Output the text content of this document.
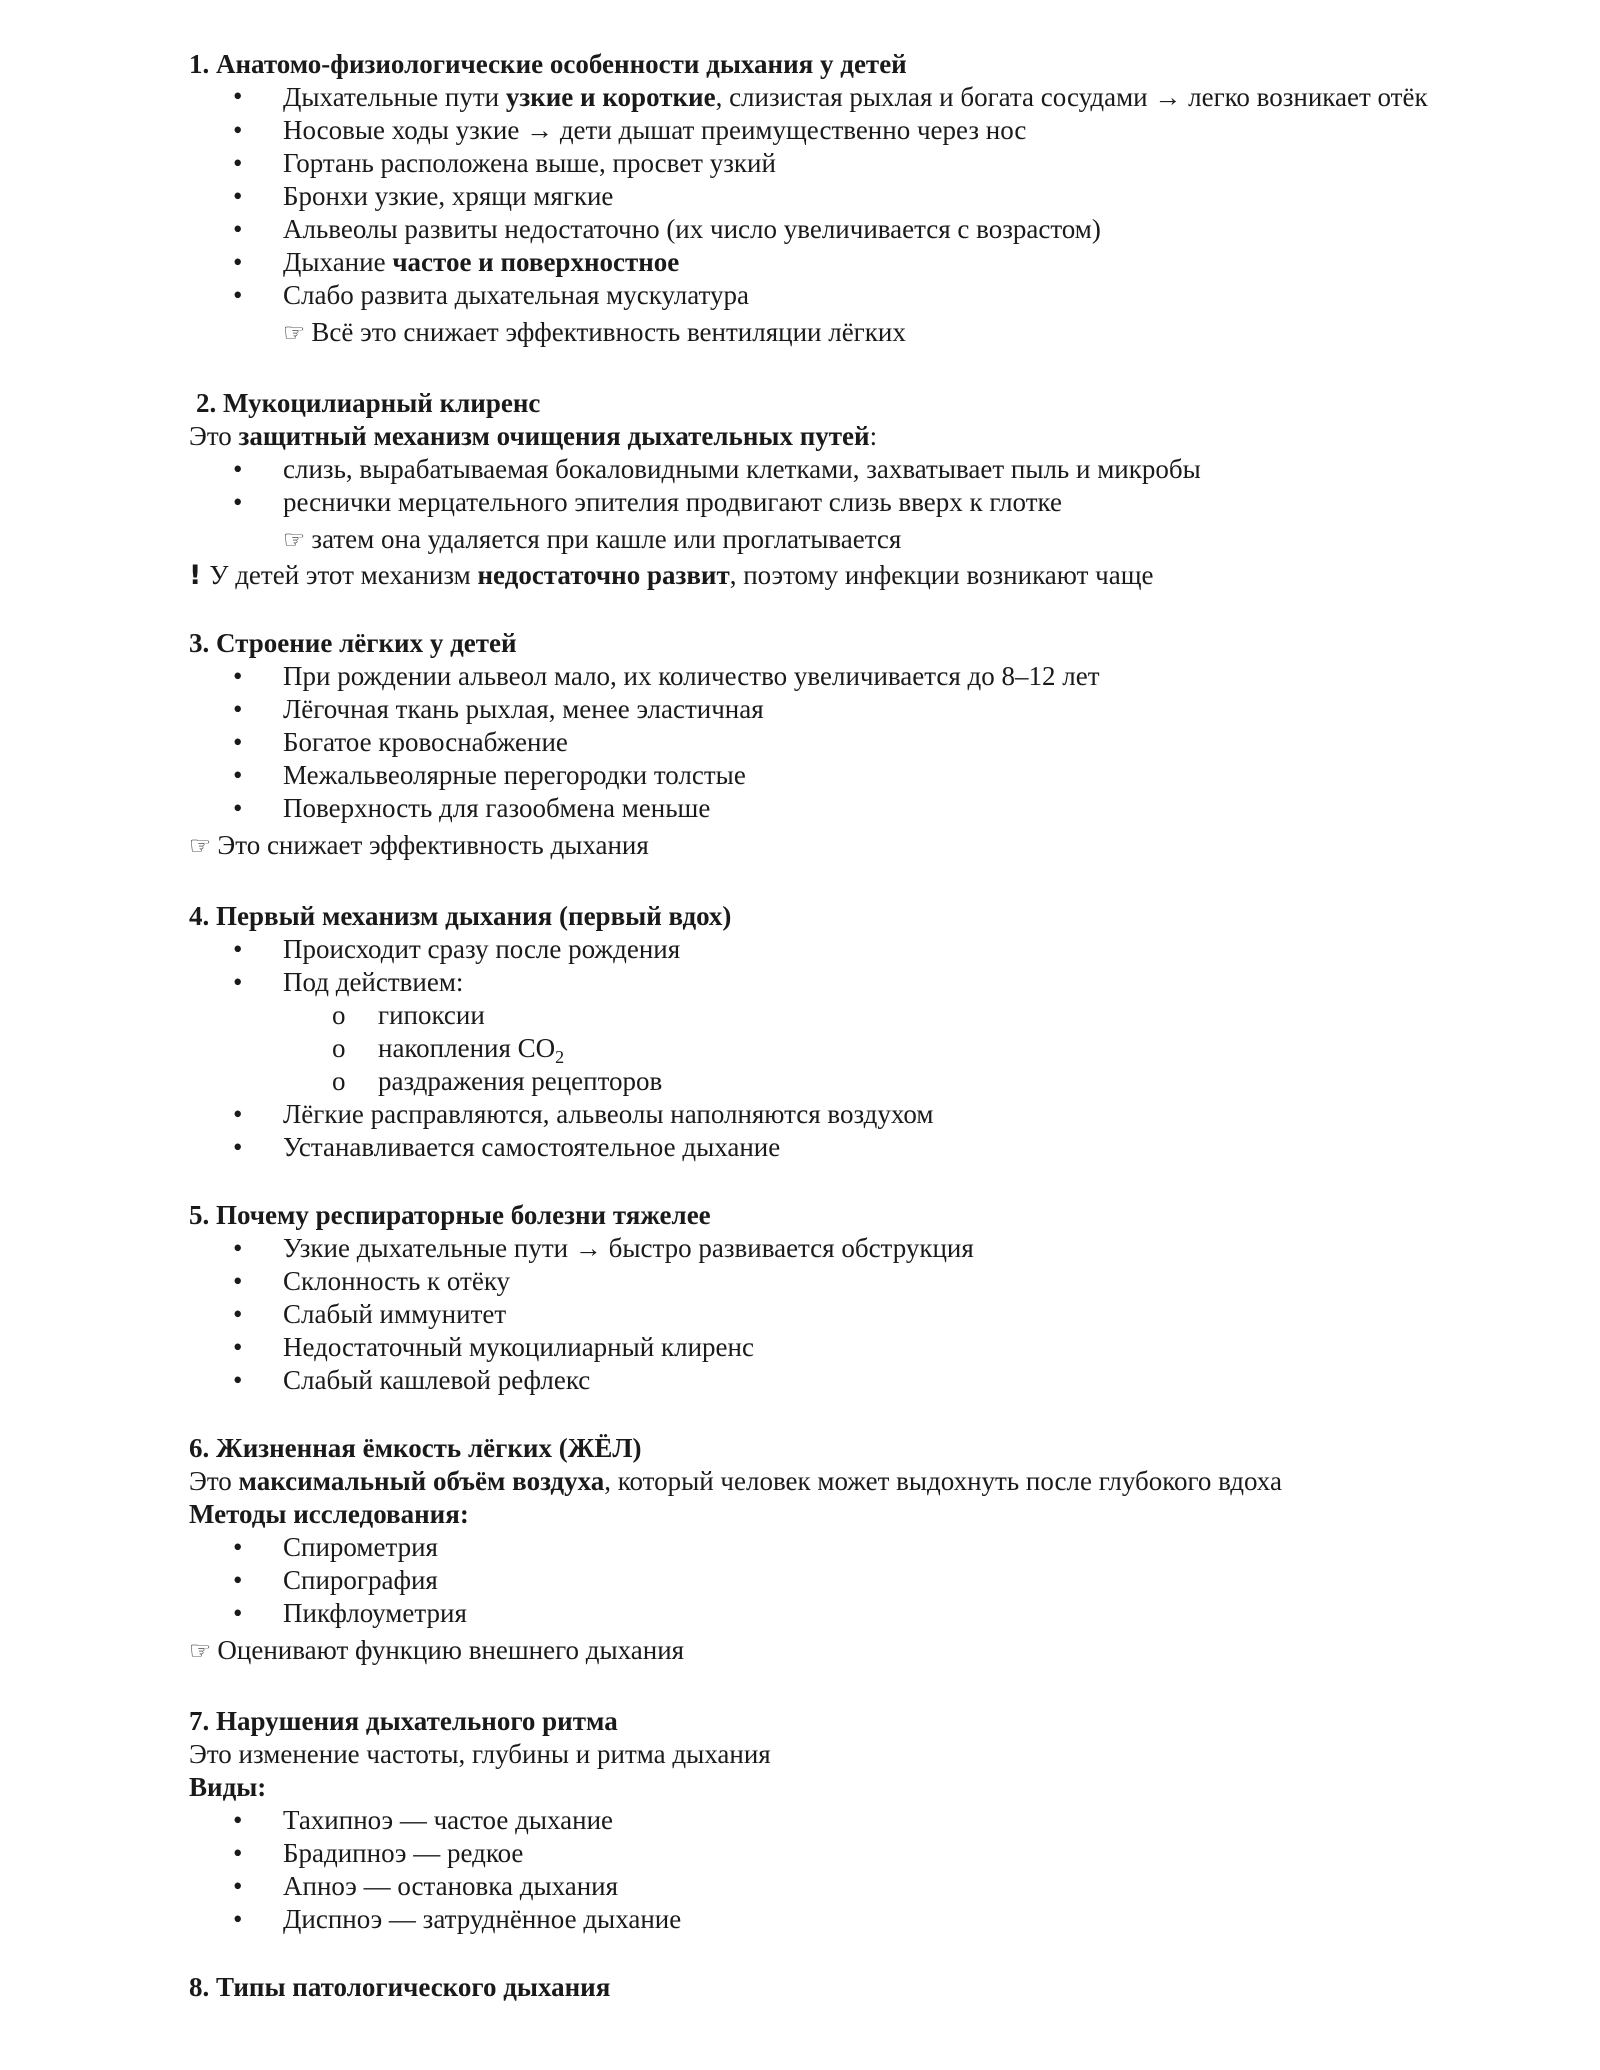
1. Анатомо-физиологические особенности дыхания у детей
• Дыхательные пути узкие и короткие, слизистая рыхлая и богата сосудами → легко возникает отёк
• Носовые ходы узкие → дети дышат преимущественно через нос
• Гортань расположена выше, просвет узкий
• Бронхи узкие, хрящи мягкие
• Альвеолы развиты недостаточно (их число увеличивается с возрастом)
• Дыхание частое и поверхностное
• Слабо развита дыхательная мускулатура
☞ Всё это снижает эффективность вентиляции лёгких
2. Мукоцилиарный клиренс
Это защитный механизм очищения дыхательных путей:
• слизь, вырабатываемая бокаловидными клетками, захватывает пыль и микробы
• реснички мерцательного эпителия продвигают слизь вверх к глотке
☞ затем она удаляется при кашле или проглатывается
! У детей этот механизм недостаточно развит, поэтому инфекции возникают чаще
3. Строение лёгких у детей
• При рождении альвеол мало, их количество увеличивается до 8–12 лет
• Лёгочная ткань рыхлая, менее эластичная
• Богатое кровоснабжение
• Межальвеолярные перегородки толстые
• Поверхность для газообмена меньше
☞ Это снижает эффективность дыхания
4. Первый механизм дыхания (первый вдох)
• Происходит сразу после рождения
• Под действием:
o гипоксии
o накопления $CO_2$
o раздражения рецепторов
• Лёгкие расправляются, альвеолы наполняются воздухом
• Устанавливается самостоятельное дыхание
5. Почему респираторные болезни тяжелее
• Узкие дыхательные пути → быстро развивается обструкция
• Склонность к отёку
• Слабый иммунитет
• Недостаточный мукоцилиарный клиренс
• Слабый кашлевой рефлекс
6. Жизненная ёмкость лёгких (ЖЁЛ)
Это максимальный объём воздуха, который человек может выдохнуть после глубокого вдоха
Методы исследования:
• Спирометрия
• Спирография
• Пикфлоуметрия
☞ Оценивают функцию внешнего дыхания
7. Нарушения дыхательного ритма
Это изменение частоты, глубины и ритма дыхания
Виды:
• Тахипноэ — частое дыхание
• Брадипноэ — редкое
• Апноэ — остановка дыхания
• Диспноэ — затруднённое дыхание
8. Типы патологического дыхания
